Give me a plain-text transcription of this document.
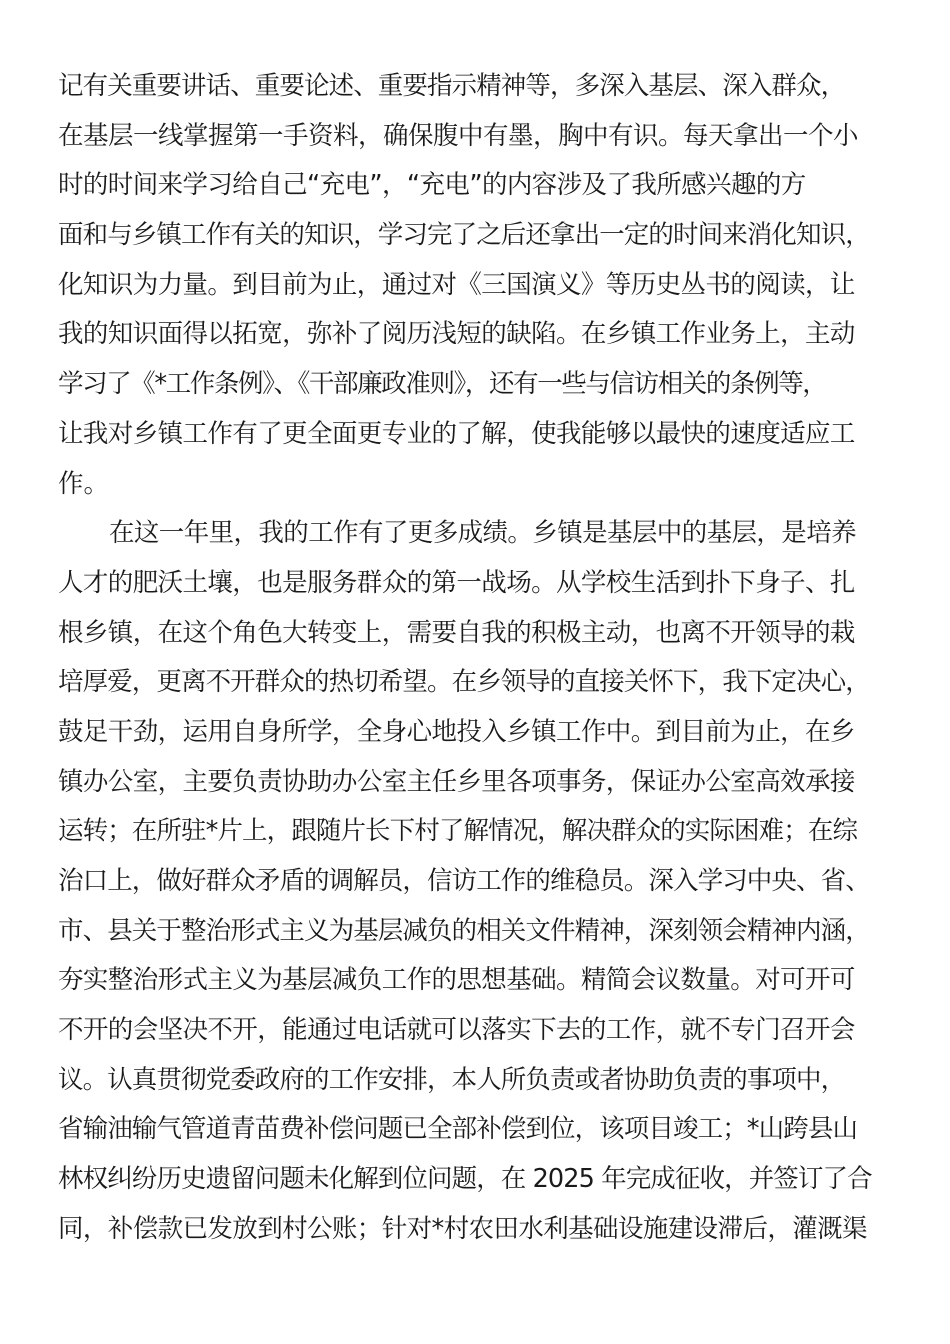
记有关重要讲话、重要论述、重要指示精神等，多深入基层、深入群众，
在基层一线掌握第一手资料，确保腹中有墨，胸中有识。每天拿出一个小
时的时间来学习给自己“充电”，“充电”的内容涉及了我所感兴趣的方
面和与乡镇工作有关的知识，学习完了之后还拿出一定的时间来消化知识，
化知识为力量。到目前为止，通过对《三国演义》等历史丛书的阅读，让
我的知识面得以拓宽，弥补了阅历浅短的缺陷。在乡镇工作业务上，主动
学习了《*工作条例》、《干部廉政准则》，还有一些与信访相关的条例等，
让我对乡镇工作有了更全面更专业的了解，使我能够以最快的速度适应工
作。
在这一年里，我的工作有了更多成绩。乡镇是基层中的基层，是培养
人才的肥沃土壤，也是服务群众的第一战场。从学校生活到扑下身子、扎
根乡镇，在这个角色大转变上，需要自我的积极主动，也离不开领导的栽
培厚爱，更离不开群众的热切希望。在乡领导的直接关怀下，我下定决心，
鼓足干劲，运用自身所学，全身心地投入乡镇工作中。到目前为止，在乡
镇办公室，主要负责协助办公室主任乡里各项事务，保证办公室高效承接
运转；在所驻*片上，跟随片长下村了解情况，解决群众的实际困难；在综
治口上，做好群众矛盾的调解员，信访工作的维稳员。深入学习中央、省、
市、县关于整治形式主义为基层减负的相关文件精神，深刻领会精神内涵，
夯实整治形式主义为基层减负工作的思想基础。精简会议数量。对可开可
不开的会坚决不开，能通过电话就可以落实下去的工作，就不专门召开会
议。认真贯彻党委政府的工作安排，本人所负责或者协助负责的事项中，
省输油输气管道青苗费补偿问题已全部补偿到位，该项目竣工；*山跨县山
林权纠纷历史遗留问题未化解到位问题，在 2025 年完成征收，并签订了合
同，补偿款已发放到村公账；针对*村农田水利基础设施建设滞后，灌溉渠
